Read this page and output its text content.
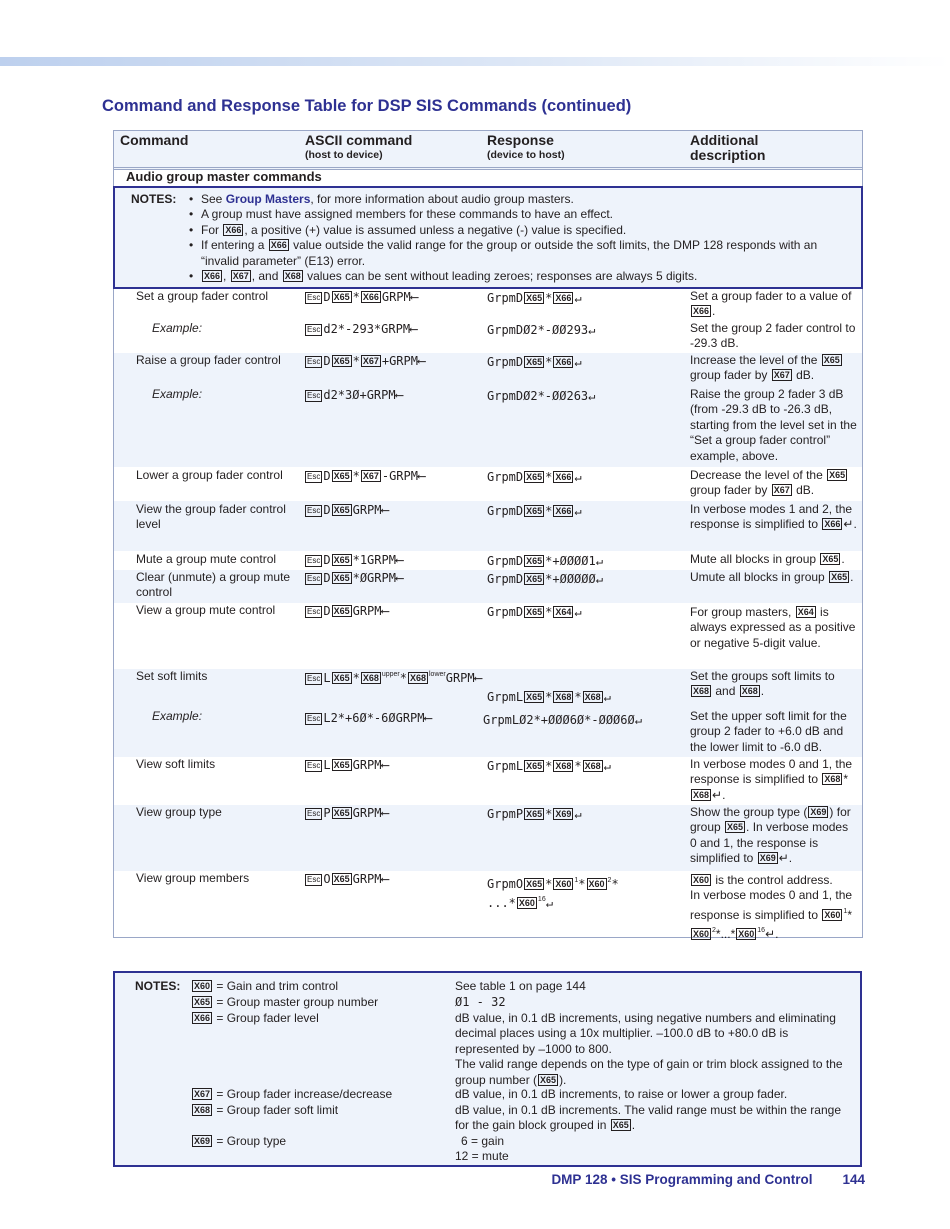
Command and Response Table for DSP SIS Commands (continued)
Command	ASCII command
(host to device)
Response
(device to host)
Additional
description
Audio group master commands
NOTES:
•	See Group Masters, for more information about audio group masters.
• A group must have assigned members for these commands to have an effect.
• For X66 , a positive (+) value is assumed unless a negative (-) value is specified.
• If entering a X66 value outside the valid range for the group or outside the soft limits, the DMP 128 responds with an “invalid parameter” (E13) error.
• X66 , X67 , and X68 values can be sent without leading zeroes; responses are always 5 digits.
Set a group fader control	Esc D X65 * X66 GRPM⟵	GrpmD X65 * X66 ↵	Set a group fader to a value of X66 .
Example:	Esc d2*-293*GRPM⟵	GrpmDØ2*-ØØ293↵	Set the group 2 fader control to -29.3 dB.
Raise a group fader control	Esc D X65 * X67 +GRPM⟵	GrpmD X65 * X66 ↵	Increase the level of the X65 group fader by X67 dB.
Example:	Esc d2*3Ø+GRPM⟵	GrpmDØ2*-ØØ263↵	Raise the group 2 fader 3 dB (from -29.3 dB to -26.3 dB, starting from the level set in the “Set a group fader control” example, above.
Lower a group fader control	Esc D X65 * X67 -GRPM⟵	GrpmD X65 * X66 ↵	Decrease the level of the X65 group fader by X67 dB.
View the group fader control level
Esc D X65 GRPM⟵	GrpmD X65 * X66 ↵	In verbose modes 1 and 2, the response is simplified to X66 ↵.
Mute a group mute control	Esc D X65 *1GRPM⟵	GrpmD X65 *+ØØØØ1↵	Mute all blocks in group X65 .
Clear (unmute) a group mute control
Esc D X65 *ØGRPM⟵	GrpmD X65 *+ØØØØØ↵	Umute all blocks in group X65 .
View a group mute control	Esc D X65 GRPM⟵	GrpmD X65 * X64 ↵	For group masters, X64 is always expressed as a positive or negative 5-digit value.
Set soft limits	Esc L X65 * X68 $^{upper}$* X68 $^{lower}$GRPM⟵
GrpmL X65 * X68 * X68 ↵
Set the groups soft limits to X68 and X68 .
Example:	Esc L2*+6Ø*-6ØGRPM⟵	GrpmLØ2*+ØØØ6Ø*-ØØØ6Ø↵	Set the upper soft limit for the group 2 fader to +6.0 dB and the lower limit to -6.0 dB.
View soft limits	Esc L X65 GRPM⟵	GrpmL X65 * X68 * X68 ↵	In verbose modes 0 and 1, the response is simplified to X68 *X68 ↵.
View group type	Esc P X65 GRPM⟵	GrpmP X65 * X69 ↵	Show the group type ( X69 ) for group X65 . In verbose modes 0 and 1, the response is simplified to X69 ↵.
View group members	Esc O X65 GRPM⟵	GrpmO X65 * X60 $^1$* X60 $^2$*
...* X60 $^{16}$↵
X60 is the control address.
In verbose modes 0 and 1, the response is simplified to X60 $^1$*X60 $^2$*...* X60 $^{16}$↵.
NOTES:	X60 = Gain and trim control	See table 1 on page 144
X65 = Group master group number	Ø1 - 32
X66 = Group fader level	dB value, in 0.1 dB increments, using negative numbers and eliminating decimal places using a 10x multiplier. –100.0 dB to +80.0 dB is represented by –1000 to 800.
The valid range depends on the type of gain or trim block assigned to the group number ( X65 ).
X67 = Group fader increase/decrease	dB value, in 0.1 dB increments, to raise or lower a group fader.
X68 = Group fader soft limit	dB value, in 0.1 dB increments. The valid range must be within the range for the gain block grouped in X65 .
X69 = Group type	6 = gain
12 = mute
DMP 128 • SIS Programming and Control 144
